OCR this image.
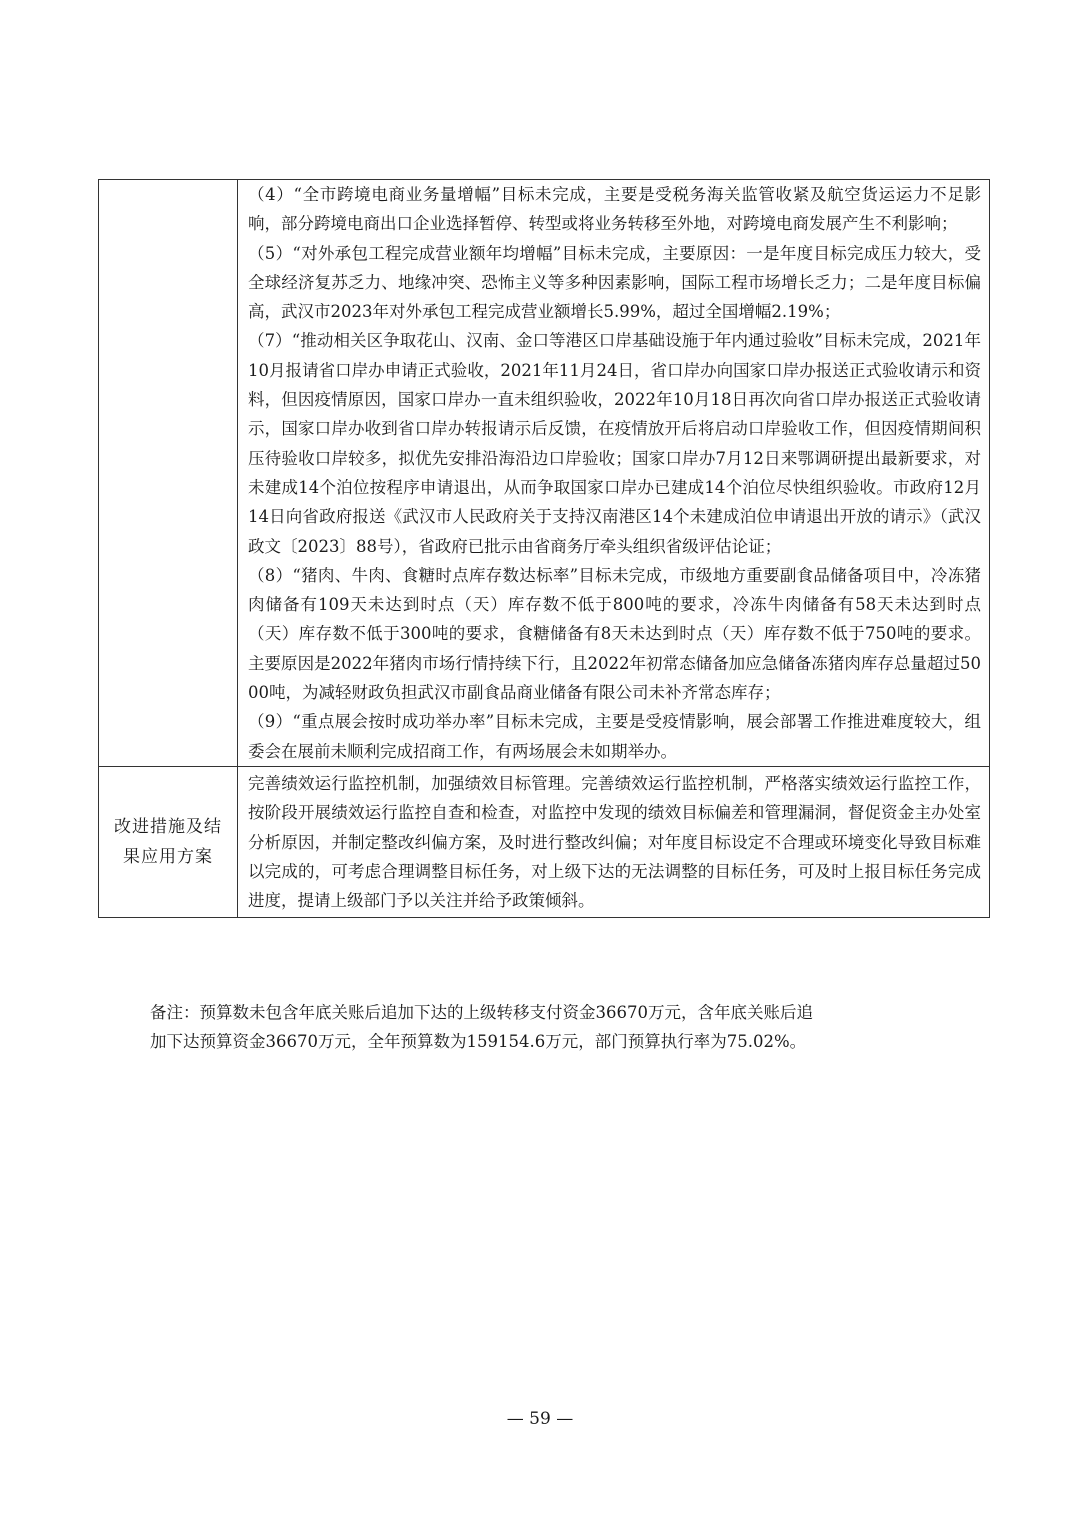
	（4）“全市跨境电商业务量增幅”目标未完成，主要是受税务海关监管收紧及航空货运运力不足影响，部分跨境电商出口企业选择暂停、转型或将业务转移至外地，对跨境电商发展产生不利影响；

（5）“对外承包工程完成营业额年均增幅”目标未完成，主要原因：一是年度目标完成压力较大，受全球经济复苏乏力、地缘冲突、恐怖主义等多种因素影响，国际工程市场增长乏力；二是年度目标偏高，武汉市2023年对外承包工程完成营业额增长5.99%，超过全国增幅2.19%；

（7）“推动相关区争取花山、汉南、金口等港区口岸基础设施于年内通过验收”目标未完成，2021年10月报请省口岸办申请正式验收，2021年11月24日，省口岸办向国家口岸办报送正式验收请示和资料，但因疫情原因，国家口岸办一直未组织验收，2022年10月18日再次向省口岸办报送正式验收请示，国家口岸办收到省口岸办转报请示后反馈，在疫情放开后将启动口岸验收工作，但因疫情期间积压待验收口岸较多，拟优先安排沿海沿边口岸验收；国家口岸办7月12日来鄂调研提出最新要求，对未建成14个泊位按程序申请退出，从而争取国家口岸办已建成14个泊位尽快组织验收。市政府12月14日向省政府报送《武汉市人民政府关于支持汉南港区14个未建成泊位申请退出开放的请示》（武汉政文〔2023〕88号），省政府已批示由省商务厅牵头组织省级评估论证；

（8）“猪肉、牛肉、食糖时点库存数达标率”目标未完成，市级地方重要副食品储备项目中，冷冻猪肉储备有109天未达到时点（天）库存数不低于800吨的要求，冷冻牛肉储备有58天未达到时点（天）库存数不低于300吨的要求，食糖储备有8天未达到时点（天）库存数不低于750吨的要求。主要原因是2022年猪肉市场行情持续下行，且2022年初常态储备加应急储备冻猪肉库存总量超过5000吨，为减轻财政负担武汉市副食品商业储备有限公司未补齐常态库存；

（9）“重点展会按时成功举办率”目标未完成，主要是受疫情影响，展会部署工作推进难度较大，组委会在展前未顺利完成招商工作，有两场展会未如期举办。

改进措施及结果应用方案	完善绩效运行监控机制，加强绩效目标管理。完善绩效运行监控机制，严格落实绩效运行监控工作，按阶段开展绩效运行监控自查和检查，对监控中发现的绩效目标偏差和管理漏洞，督促资金主办处室分析原因，并制定整改纠偏方案，及时进行整改纠偏；对年度目标设定不合理或环境变化导致目标难以完成的，可考虑合理调整目标任务，对上级下达的无法调整的目标任务，可及时上报目标任务完成进度，提请上级部门予以关注并给予政策倾斜。

备注：预算数未包含年底关账后追加下达的上级转移支付资金36670万元，含年底关账后追
加下达预算资金36670万元，全年预算数为159154.6万元，部门预算执行率为75.02%。

— 59 —
